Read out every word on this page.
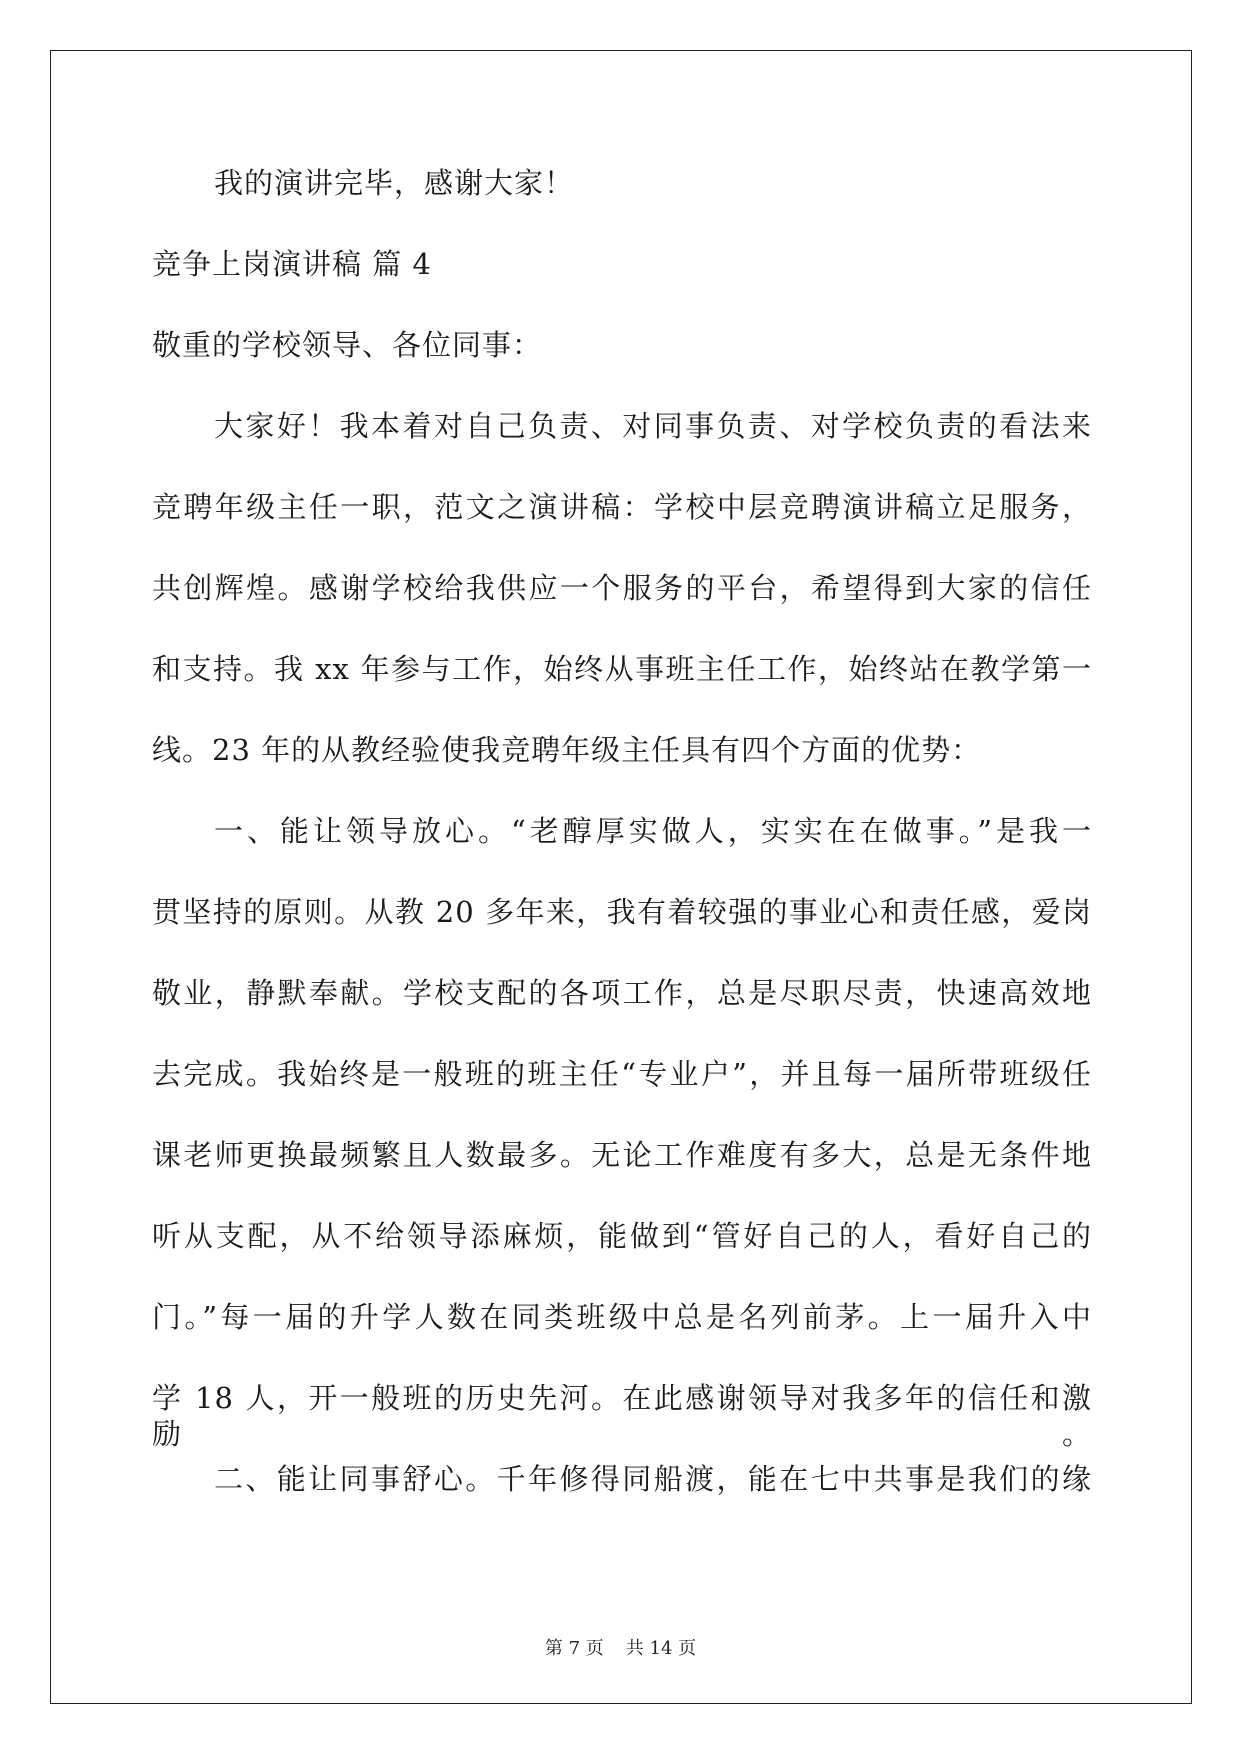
我的演讲完毕，感谢大家！

竞争上岗演讲稿 篇 4

敬重的学校领导、各位同事：

大家好！我本着对自己负责、对同事负责、对学校负责的看法来

竞聘年级主任一职，范文之演讲稿：学校中层竞聘演讲稿立足服务，

共创辉煌。感谢学校给我供应一个服务的平台，希望得到大家的信任

和支持。我 xx 年参与工作，始终从事班主任工作，始终站在教学第一

线。23 年的从教经验使我竞聘年级主任具有四个方面的优势：

一、能让领导放心。“老醇厚实做人，实实在在做事。”是我一

贯坚持的原则。从教 20 多年来，我有着较强的事业心和责任感，爱岗

敬业，静默奉献。学校支配的各项工作，总是尽职尽责，快速高效地

去完成。我始终是一般班的班主任“专业户”，并且每一届所带班级任

课老师更换最频繁且人数最多。无论工作难度有多大，总是无条件地

听从支配，从不给领导添麻烦，能做到“管好自己的人，看好自己的

门。”每一届的升学人数在同类班级中总是名列前茅。上一届升入中

学 18 人，开一般班的历史先河。在此感谢领导对我多年的信任和激励。

二、能让同事舒心。千年修得同船渡，能在七中共事是我们的缘

第 7 页 共 14 页
